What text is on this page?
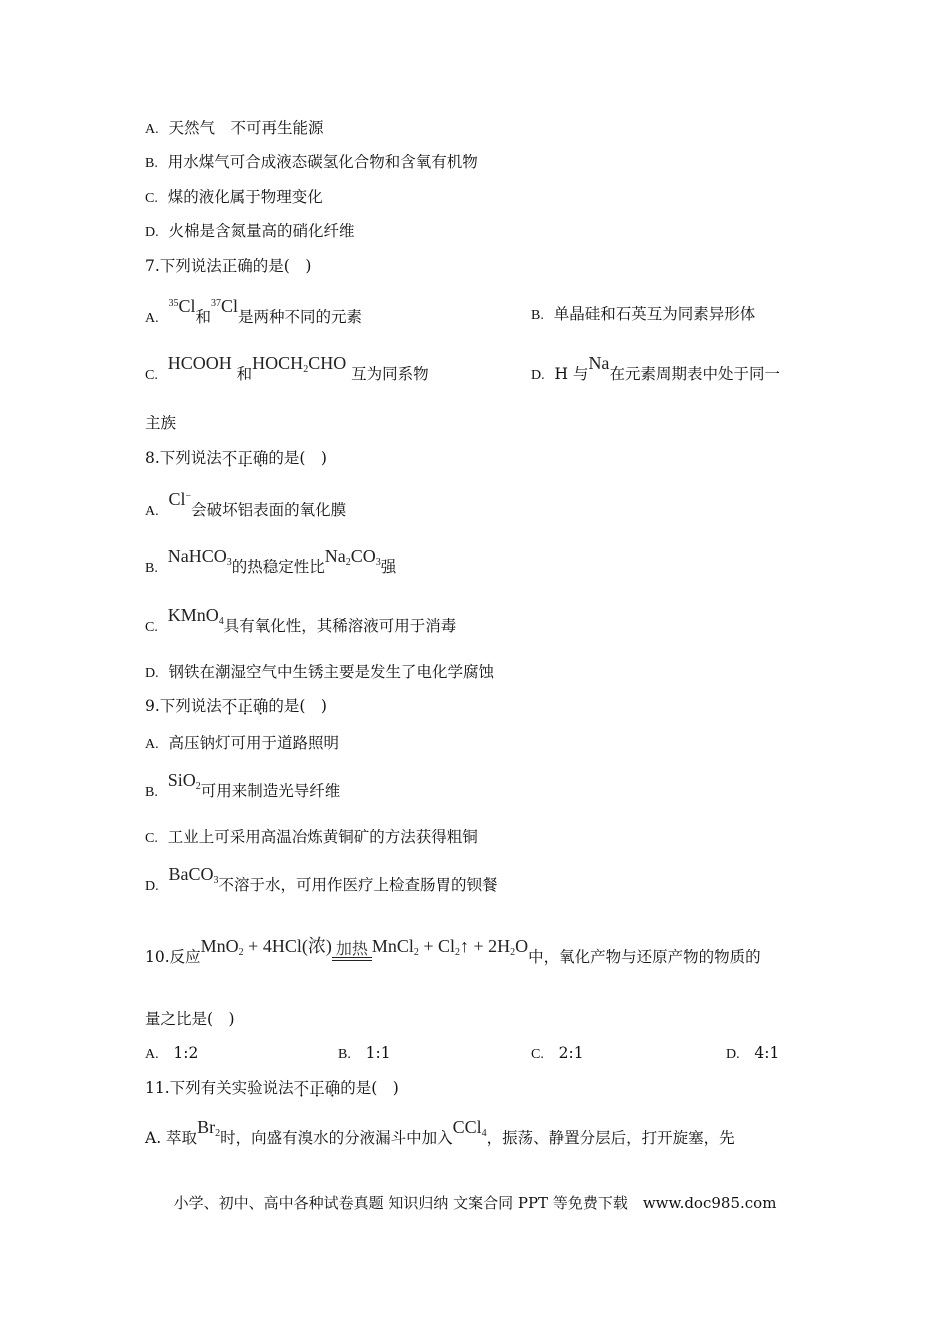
A. 天然气　不可再生能源
B. 用水煤气可合成液态碳氢化合物和含氧有机物
C. 煤的液化属于物理变化
D. 火棉是含氮量高的硝化纤维
7.下列说法正确的是(　)
A.  $^{35}$Cl和$^{37}$Cl是两种不同的元素	B. 单晶硅和石英互为同素异形体
C.  HCOOH 和$HOCH_2CHO$ 互为同系物	D. H 与Na在元素周期表中处于同一
主族
8.下列说法不正确的是(　)
A.  Cl−会破坏铝表面的氧化膜
B.  NaHCO$_3$的热稳定性比$Na_2CO_3$强
C.  KMnO$_4$具有氧化性，其稀溶液可用于消毒
D. 钢铁在潮湿空气中生锈主要是发生了电化学腐蚀
9.下列说法不正确的是(　)
A. 高压钠灯可用于道路照明
B.  SiO$_2$可用来制造光导纤维
C. 工业上可采用高温冶炼黄铜矿的方法获得粗铜
D.  BaCO$_3$不溶于水，可用作医疗上检查肠胃的钡餐
10.反应MnO$_2$ + 4HCl(浓) 加热 MnCl$_2$ + $Cl_2↑ + 2H_2O$中，氧化产物与还原产物的物质的
量之比是(　)
A. 1:2	B. 1:1	C. 2:1	D. 4:1
11.下列有关实验说法不正确的是(　)
A. 萃取$Br_2$时，向盛有溴水的分液漏斗中加入CCl$_4$，振荡、静置分层后，打开旋塞，先
小学、初中、高中各种试卷真题 知识归纳 文案合同 PPT 等免费下载　www.doc985.com
